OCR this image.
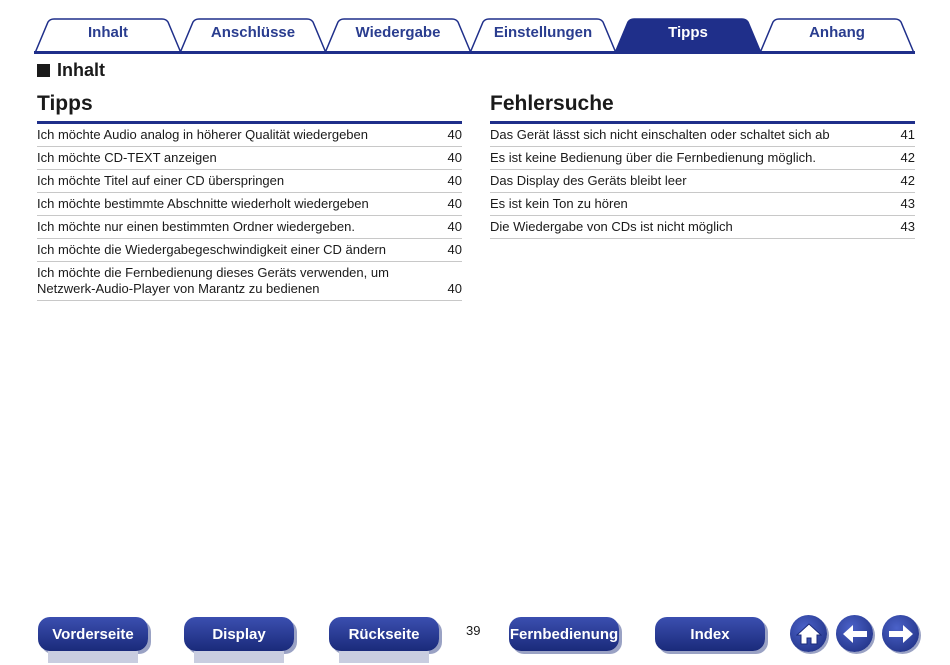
Inhalt	Anschlüsse	Wiedergabe	Einstellungen	Tipps	Anhang
Inhalt
Tipps
Ich möchte Audio analog in höherer Qualität wiedergeben	40
Ich möchte CD-TEXT anzeigen	40
Ich möchte Titel auf einer CD überspringen	40
Ich möchte bestimmte Abschnitte wiederholt wiedergeben	40
Ich möchte nur einen bestimmten Ordner wiedergeben.	40
Ich möchte die Wiedergabegeschwindigkeit einer CD ändern	40
Ich möchte die Fernbedienung dieses Geräts verwenden, um Netzwerk-Audio-Player von Marantz zu bedienen	40
Fehlersuche
Das Gerät lässt sich nicht einschalten oder schaltet sich ab	41
Es ist keine Bedienung über die Fernbedienung möglich.	42
Das Display des Geräts bleibt leer	42
Es ist kein Ton zu hören	43
Die Wiedergabe von CDs ist nicht möglich	43
Vorderseite	Display	Rückseite	39 Fernbedienung	Index
